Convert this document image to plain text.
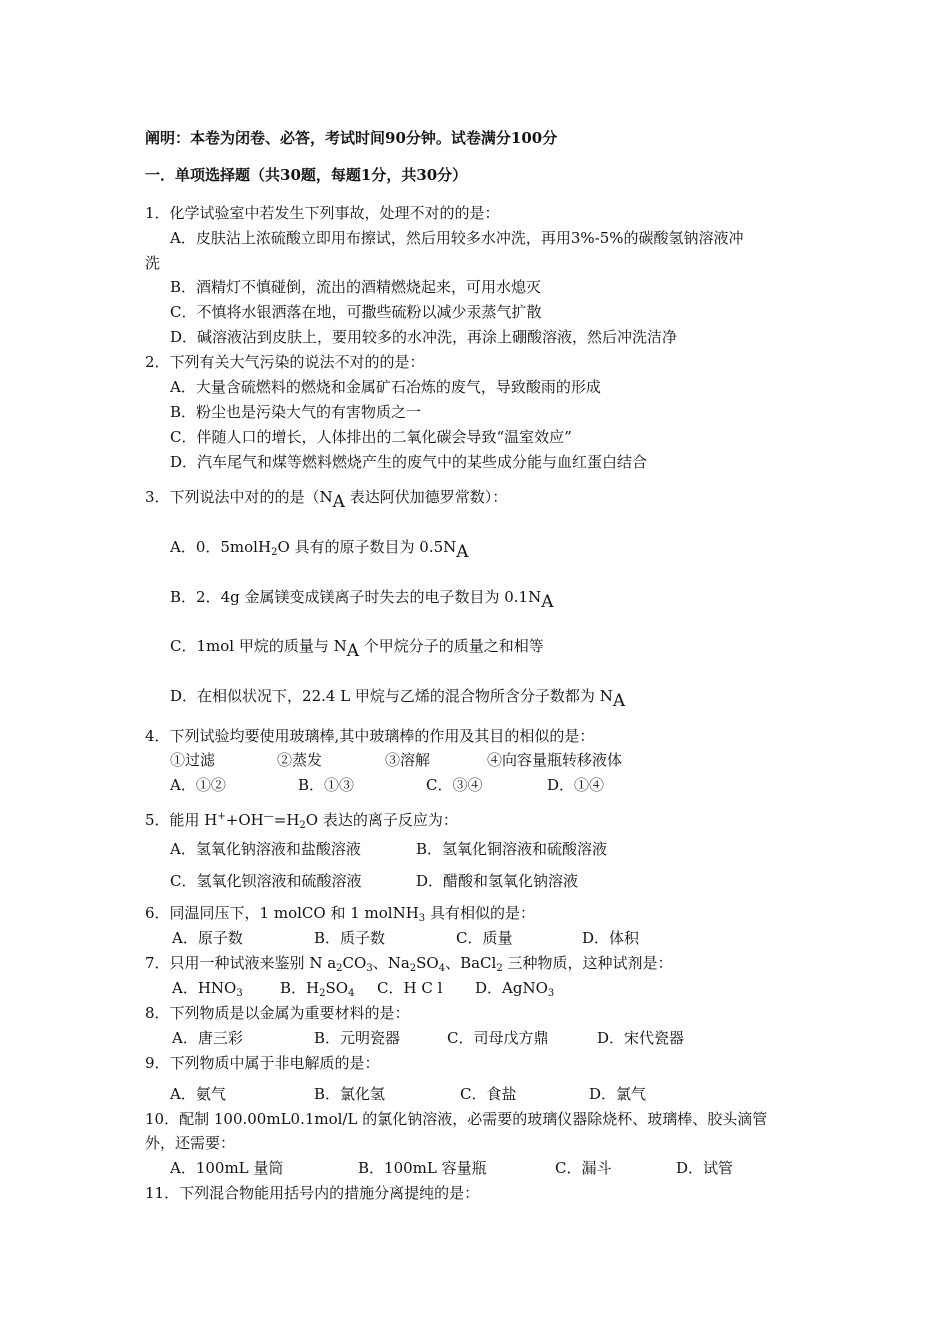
阐明：本卷为闭卷、必答，考试时间90分钟。试卷满分100分
一．单项选择题（共30题，每题1分，共30分）
1．化学试验室中若发生下列事故，处理不对的的是：
A．皮肤沾上浓硫酸立即用布擦试，然后用较多水冲洗，再用3%-5%的碳酸氢钠溶液冲
洗
B．酒精灯不慎碰倒，流出的酒精燃烧起来，可用水熄灭
C．不慎将水银洒落在地，可撒些硫粉以减少汞蒸气扩散
D．碱溶液沾到皮肤上，要用较多的水冲洗，再涂上硼酸溶液，然后冲洗洁净
2．下列有关大气污染的说法不对的的是：
A．大量含硫燃料的燃烧和金属矿石冶炼的废气，导致酸雨的形成
B．粉尘也是污染大气的有害物质之一
C．伴随人口的增长，人体排出的二氧化碳会导致“温室效应”
D．汽车尾气和煤等燃料燃烧产生的废气中的某些成分能与血红蛋白结合
3．下列说法中对的的是（NA 表达阿伏加德罗常数）：
A．0．5molH$_2$O 具有的原子数目为 0.5NA
B．2．4g 金属镁变成镁离子时失去的电子数目为 0.1NA
C．1mol 甲烷的质量与 NA 个甲烷分子的质量之和相等
D．在相似状况下，22.4 L 甲烷与乙烯的混合物所含分子数都为 NA
4．下列试验均要使用玻璃棒,其中玻璃棒的作用及其目的相似的是：
①过滤	②蒸发	③溶解	④向容量瓶转移液体
A．①②	B．①③	C．③④	D．①④
5．能用 $H^++OH^—=H_2O$ 表达的离子反应为：
A．氢氧化钠溶液和盐酸溶液	B．氢氧化铜溶液和硫酸溶液
C．氢氧化钡溶液和硫酸溶液	D．醋酸和氢氧化钠溶液
6．同温同压下，1 molCO 和 1 molNH$_3$ 具有相似的是：
A．原子数	B．质子数	C．质量	D．体积
7．只用一种试液来鉴别 N $a_2CO_3$、$Na_2SO_4$、BaCl$_2$ 三种物质，这种试剂是：
A．$HNO_3$ B．$H_2SO_4$ C．H C l D．AgNO$_3$
8．下列物质是以金属为重要材料的是：
A．唐三彩	B．元明瓷器	C．司母戊方鼎	D．宋代瓷器
9．下列物质中属于非电解质的是：
A．氨气	B．氯化氢	C．食盐	D．氯气
10．配制 100.00mL0.1mol/L 的氯化钠溶液，必需要的玻璃仪器除烧杯、玻璃棒、胶头滴管
外，还需要：
A．100mL 量筒	B．100mL 容量瓶	C．漏斗	D．试管
11．下列混合物能用括号内的措施分离提纯的是：
